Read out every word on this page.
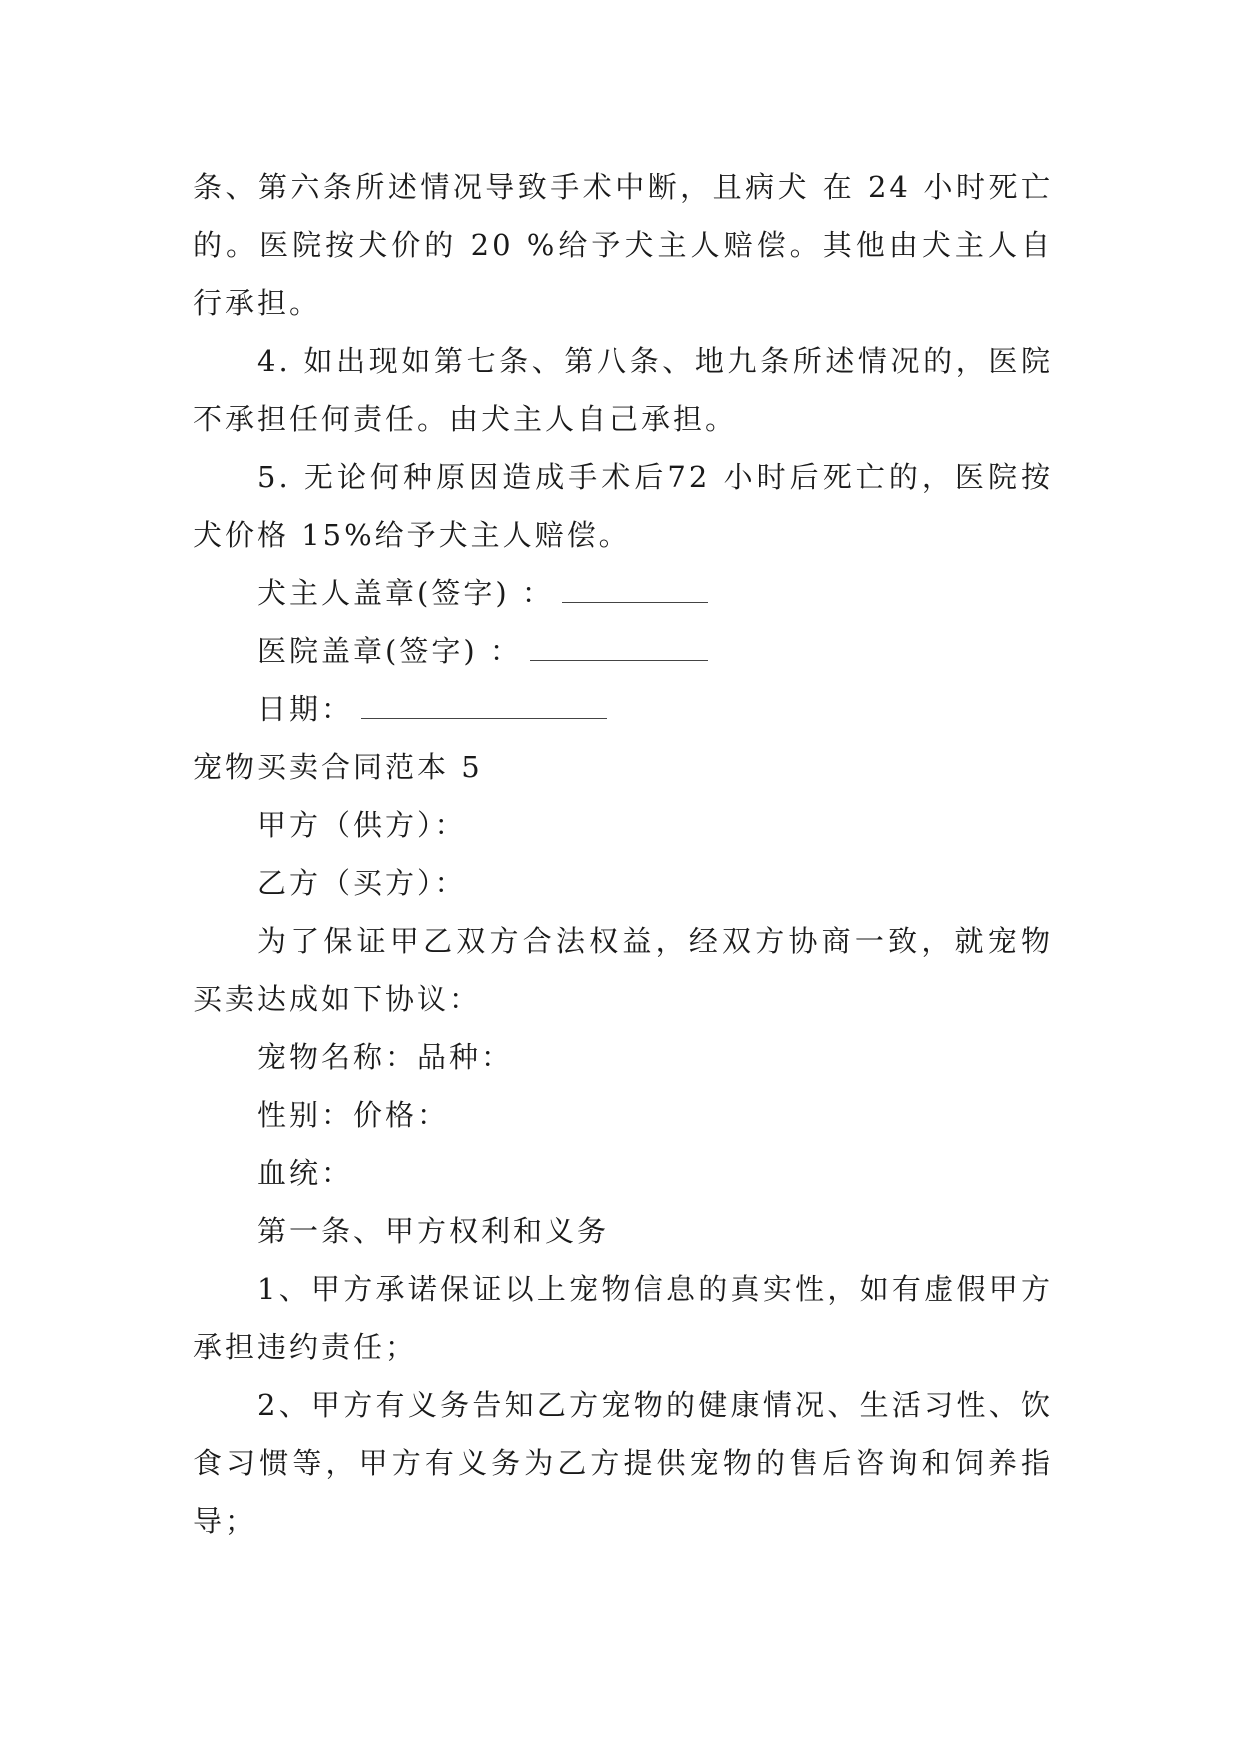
条、第六条所述情况导致手术中断，且病犬 在 24 小时死亡的。医院按犬价的 20 %给予犬主人赔偿。其他由犬主人自行承担。

4. 如出现如第七条、第八条、地九条所述情况的，医院不承担任何责任。由犬主人自己承担。

5. 无论何种原因造成手术后72 小时后死亡的，医院按犬价格 15%给予犬主人赔偿。

犬主人盖章(签字) ：

医院盖章(签字) ：

日期：

宠物买卖合同范本 5

甲方（供方）：

乙方（买方）：

为了保证甲乙双方合法权益，经双方协商一致，就宠物买卖达成如下协议：

宠物名称：品种：

性别：价格：

血统：

第一条、甲方权利和义务

1、甲方承诺保证以上宠物信息的真实性，如有虚假甲方承担违约责任；

2、甲方有义务告知乙方宠物的健康情况、生活习性、饮食习惯等，甲方有义务为乙方提供宠物的售后咨询和饲养指导；
